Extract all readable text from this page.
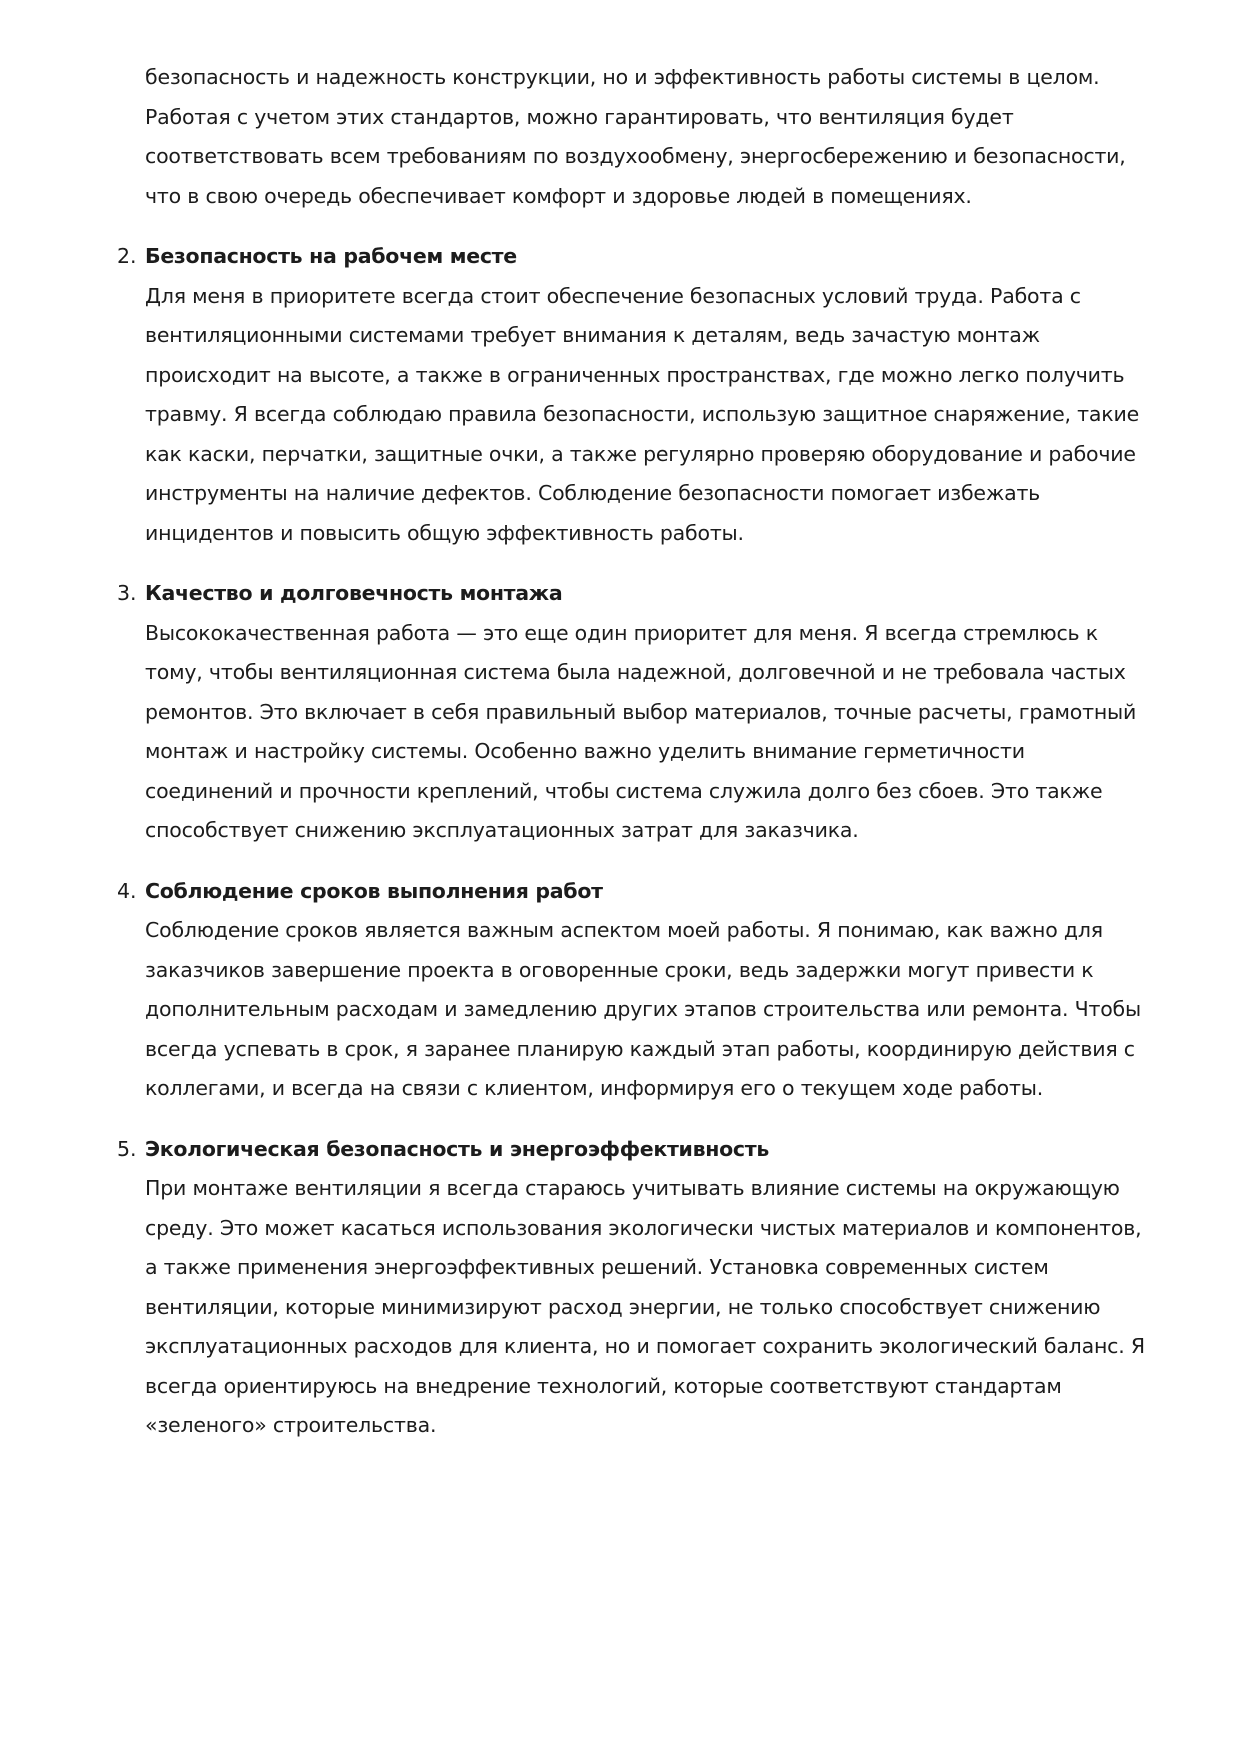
безопасность и надежность конструкции, но и эффективность работы системы в целом. Работая с учетом этих стандартов, можно гарантировать, что вентиляция будет соответствовать всем требованиям по воздухообмену, энергосбережению и безопасности, что в свою очередь обеспечивает комфорт и здоровье людей в помещениях.

2. Безопасность на рабочем месте

Для меня в приоритете всегда стоит обеспечение безопасных условий труда. Работа с вентиляционными системами требует внимания к деталям, ведь зачастую монтаж происходит на высоте, а также в ограниченных пространствах, где можно легко получить травму. Я всегда соблюдаю правила безопасности, использую защитное снаряжение, такие как каски, перчатки, защитные очки, а также регулярно проверяю оборудование и рабочие инструменты на наличие дефектов. Соблюдение безопасности помогает избежать инцидентов и повысить общую эффективность работы.

3. Качество и долговечность монтажа

Высококачественная работа — это еще один приоритет для меня. Я всегда стремлюсь к тому, чтобы вентиляционная система была надежной, долговечной и не требовала частых ремонтов. Это включает в себя правильный выбор материалов, точные расчеты, грамотный монтаж и настройку системы. Особенно важно уделить внимание герметичности соединений и прочности креплений, чтобы система служила долго без сбоев. Это также способствует снижению эксплуатационных затрат для заказчика.

4. Соблюдение сроков выполнения работ

Соблюдение сроков является важным аспектом моей работы. Я понимаю, как важно для заказчиков завершение проекта в оговоренные сроки, ведь задержки могут привести к дополнительным расходам и замедлению других этапов строительства или ремонта. Чтобы всегда успевать в срок, я заранее планирую каждый этап работы, координирую действия с коллегами, и всегда на связи с клиентом, информируя его о текущем ходе работы.

5. Экологическая безопасность и энергоэффективность

При монтаже вентиляции я всегда стараюсь учитывать влияние системы на окружающую среду. Это может касаться использования экологически чистых материалов и компонентов, а также применения энергоэффективных решений. Установка современных систем вентиляции, которые минимизируют расход энергии, не только способствует снижению эксплуатационных расходов для клиента, но и помогает сохранить экологический баланс. Я всегда ориентируюсь на внедрение технологий, которые соответствуют стандартам «зеленого» строительства.
